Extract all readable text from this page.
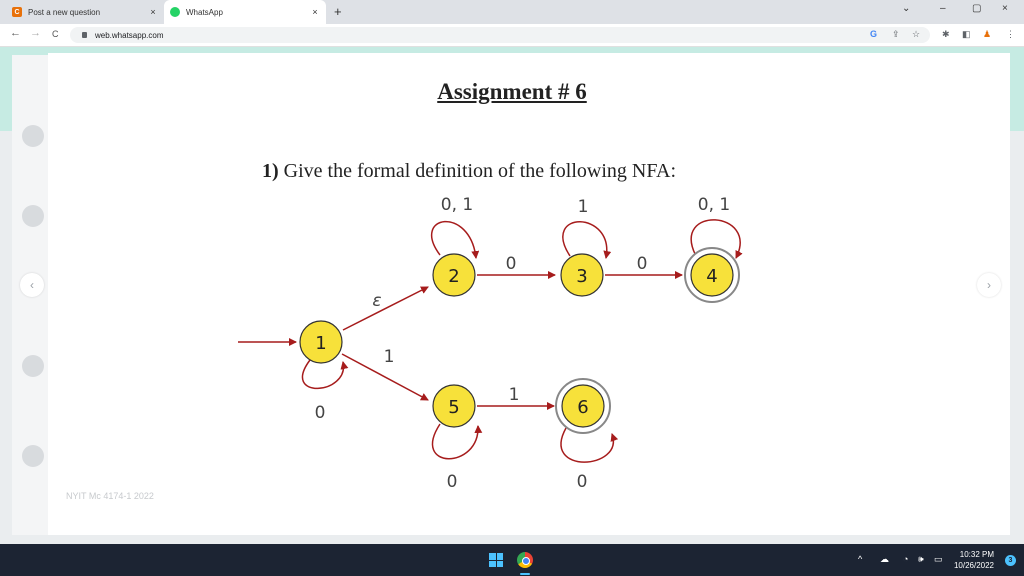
C	Post a new question	×	WhatsApp	×	+	⌄	–	▢ ×
← → C	web.whatsapp.com	G ⇪ ☆ ✱ ◧ ♟ ⋮
NYIT Mc 4174-1 2022
‹	›
Assignment # 6
1) Give the formal definition of the following NFA:
1
2	3	4
5	6
0, 1	1	0, 1
0	0
ε
1
1
0
0	0
^ ☁ ◔ 🕪 ▭	10:32 PM
10/26/2022
3
